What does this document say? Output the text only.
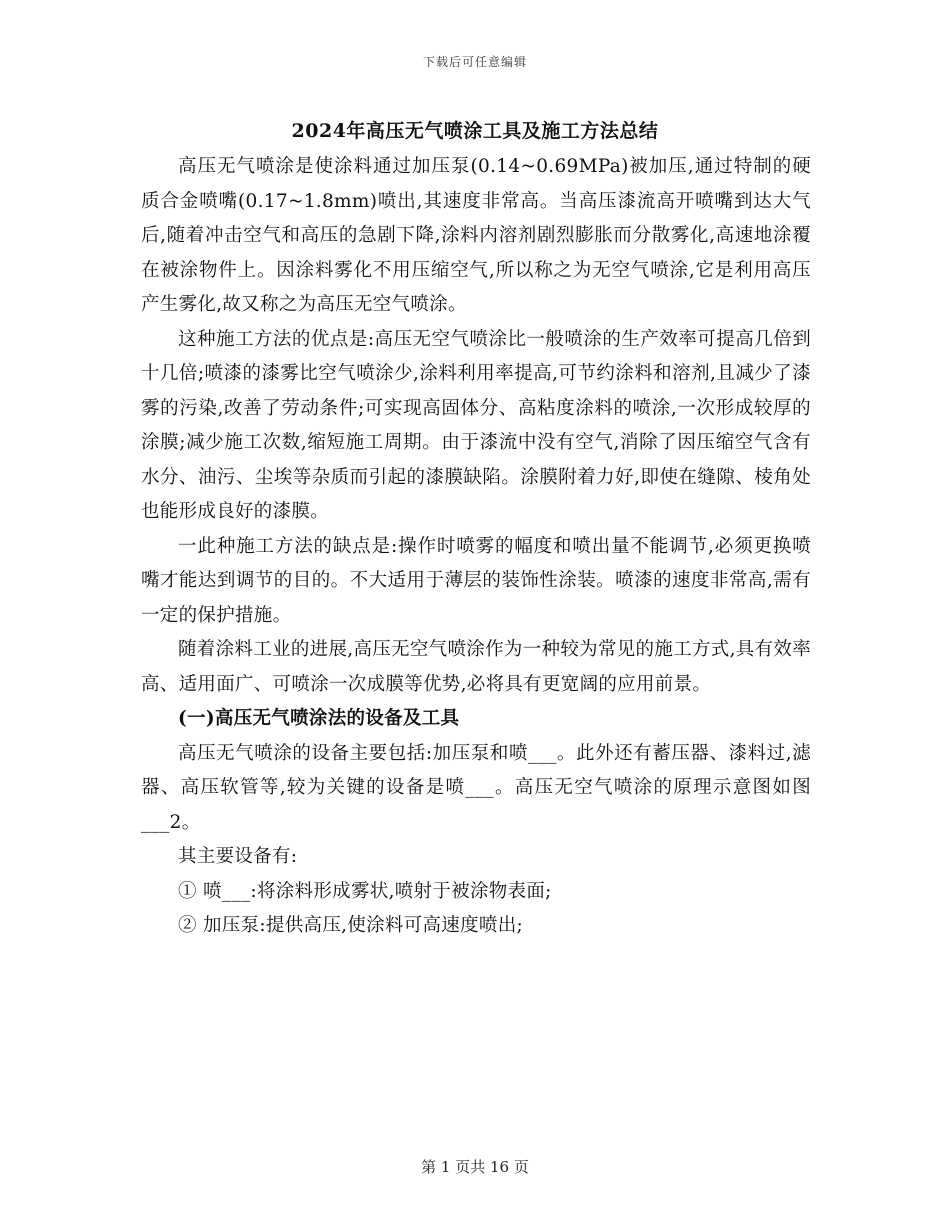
下载后可任意编辑
2024年高压无气喷涂工具及施工方法总结

高压无气喷涂是使涂料通过加压泵(0.14~0.69MPa)被加压,通过特制的硬质合金喷嘴(0.17~1.8mm)喷出,其速度非常高。当高压漆流高开喷嘴到达大气后,随着冲击空气和高压的急剧下降,涂料内溶剂剧烈膨胀而分散雾化,高速地涂覆在被涂物件上。因涂料雾化不用压缩空气,所以称之为无空气喷涂,它是利用高压产生雾化,故又称之为高压无空气喷涂。

这种施工方法的优点是:高压无空气喷涂比一般喷涂的生产效率可提高几倍到十几倍;喷漆的漆雾比空气喷涂少,涂料利用率提高,可节约涂料和溶剂,且减少了漆雾的污染,改善了劳动条件;可实现高固体分、高粘度涂料的喷涂,一次形成较厚的涂膜;减少施工次数,缩短施工周期。由于漆流中没有空气,消除了因压缩空气含有水分、油污、尘埃等杂质而引起的漆膜缺陷。涂膜附着力好,即使在缝隙、棱角处也能形成良好的漆膜。

一此种施工方法的缺点是:操作时喷雾的幅度和喷出量不能调节,必须更换喷嘴才能达到调节的目的。不大适用于薄层的装饰性涂装。喷漆的速度非常高,需有一定的保护措施。

随着涂料工业的进展,高压无空气喷涂作为一种较为常见的施工方式,具有效率高、适用面广、可喷涂一次成膜等优势,必将具有更宽阔的应用前景。

(一)高压无气喷涂法的设备及工具

高压无气喷涂的设备主要包括:加压泵和喷___。此外还有蓄压器、漆料过,滤器、高压软管等,较为关键的设备是喷___。高压无空气喷涂的原理示意图如图___2。

其主要设备有:

① 喷___:将涂料形成雾状,喷射于被涂物表面;

② 加压泵:提供高压,使涂料可高速度喷出;

第 1 页共 16 页
